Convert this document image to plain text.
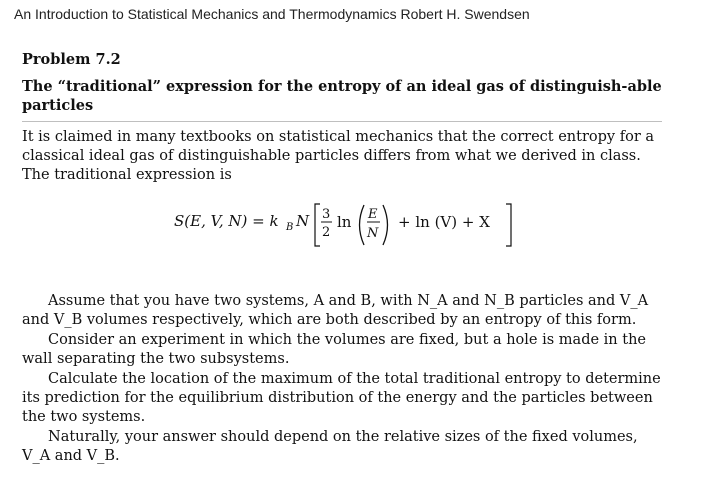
An Introduction to Statistical Mechanics and Thermodynamics Robert H. Swendsen
Problem 7.2
The “traditional” expression for the entropy of an ideal gas of distinguish-able particles

It is claimed in many textbooks on statistical mechanics that the correct entropy for a classical ideal gas of distinguishable particles differs from what we derived in class. The traditional expression is

S(E, V, N) = k B N 3
2
ln E
N
+ ln (V) + X

Assume that you have two systems, A and B, with N_A and N_B particles and V_A and V_B volumes respectively, which are both described by an entropy of this form.

Consider an experiment in which the volumes are fixed, but a hole is made in the wall separating the two subsystems.

Calculate the location of the maximum of the total traditional entropy to determine its prediction for the equilibrium distribution of the energy and the particles between the two systems.

Naturally, your answer should depend on the relative sizes of the fixed volumes, V_A and V_B.
